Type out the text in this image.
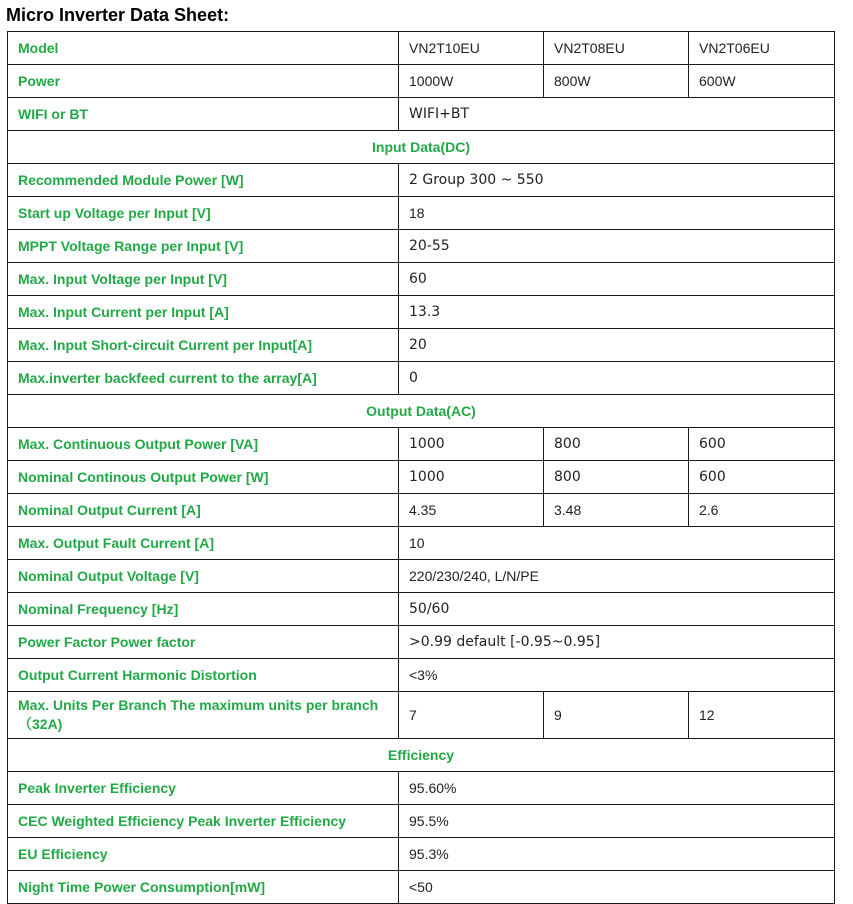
Micro Inverter Data Sheet:
Model	VN2T10EU	VN2T08EU	VN2T06EU
Power	1000W	800W	600W
WIFI or BT	WIFI+BT		
Input Data(DC)			
Recommended Module Power [W]	2 Group 300 ~ 550		
Start up Voltage per Input [V]	18		
MPPT Voltage Range per Input [V]	20-55		
Max. Input Voltage per Input [V]	60		
Max. Input Current per Input [A]	13.3		
Max. Input Short-circuit Current per Input[A]	20		
Max.inverter backfeed current to the array[A]	0		
Output Data(AC)			
Max. Continuous Output Power [VA]	1000	800	600
Nominal Continous Output Power [W]	1000	800	600
Nominal Output Current [A]	4.35	3.48	2.6
Max. Output Fault Current [A]	10		
Nominal Output Voltage [V]	220/230/240, L/N/PE		
Nominal Frequency [Hz]	50/60		
Power Factor Power factor	>0.99 default [-0.95~0.95]		
Output Current Harmonic Distortion	<3%		
Max. Units Per Branch The maximum units per branch（32A)	7	9	12
Efficiency			
Peak Inverter Efficiency	95.60%		
CEC Weighted Efficiency Peak Inverter Efficiency	95.5%		
EU Efficiency	95.3%		
Night Time Power Consumption[mW]	<50		
